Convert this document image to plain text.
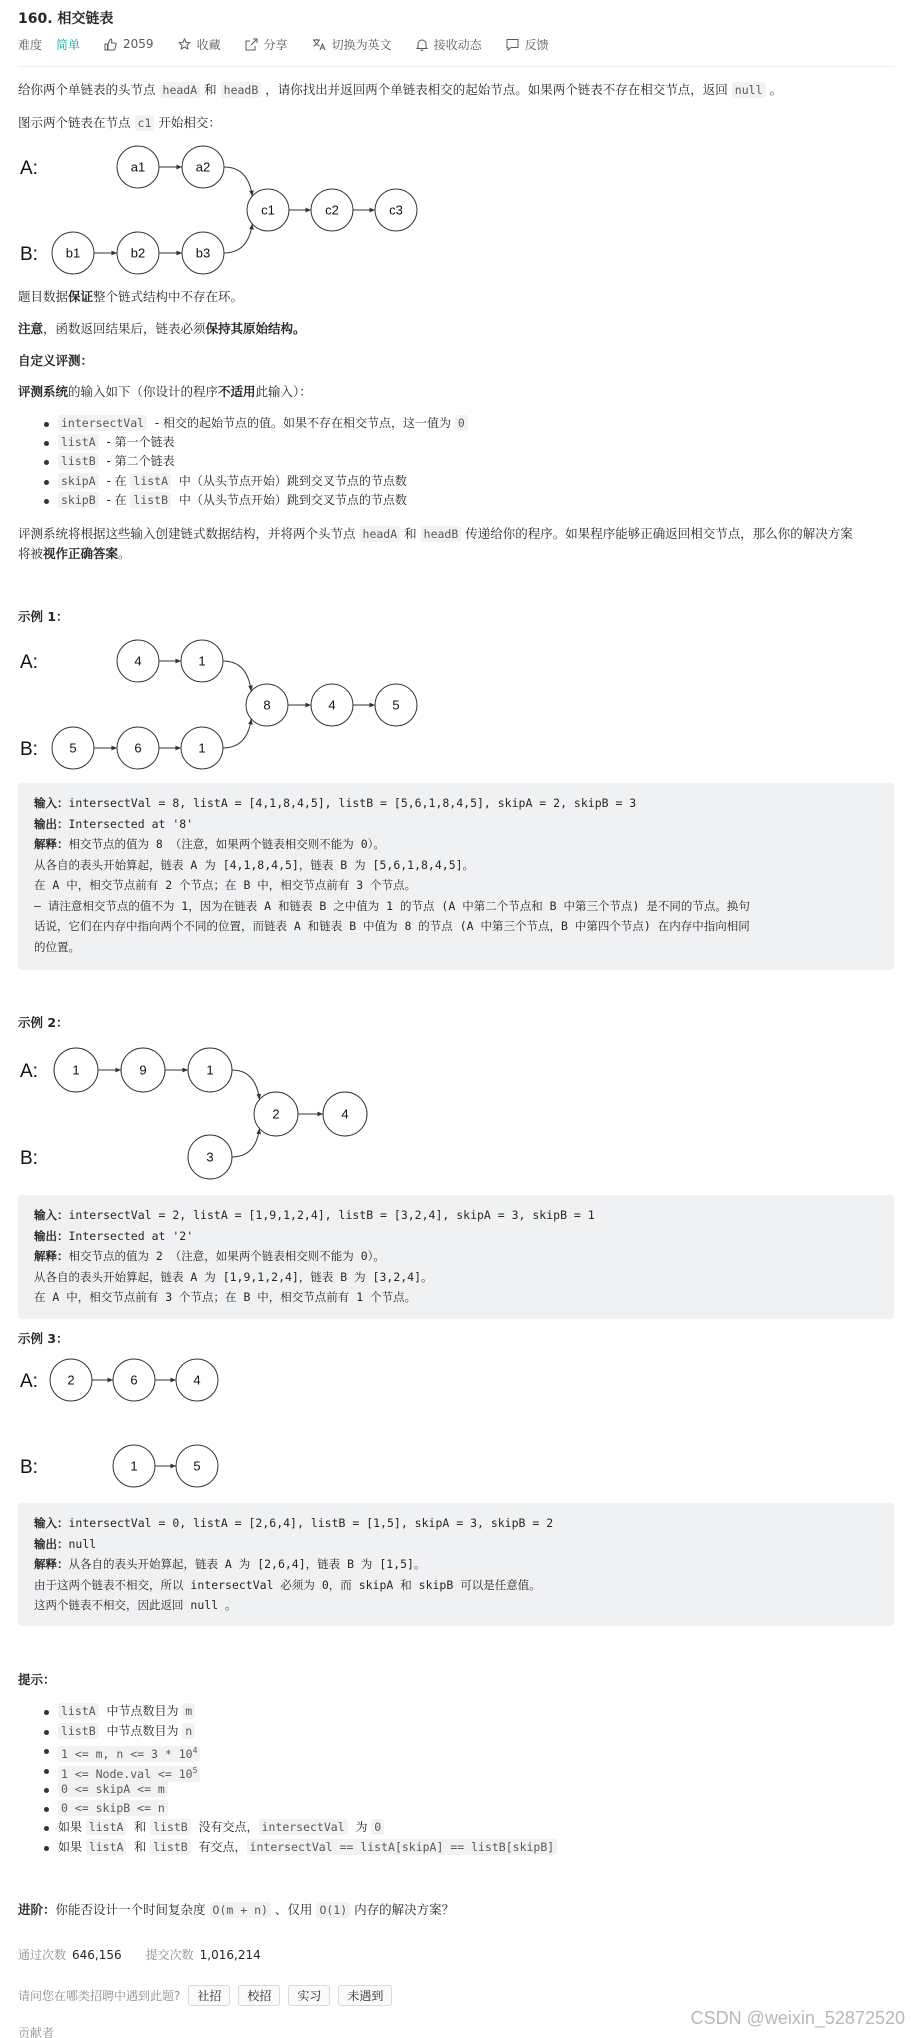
160. 相交链表
难度 简单	2059	收藏	分享	切换为英文	接收动态	反馈
给你两个单链表的头节点 headA 和 headB ，请你找出并返回两个单链表相交的起始节点。如果两个链表不存在相交节点，返回 null 。
图示两个链表在节点 c1 开始相交：
A:
B:
a1	a2
b1	b2	b3
c1	c2	c3
题目数据保证整个链式结构中不存在环。
注意，函数返回结果后，链表必须保持其原始结构。
自定义评测：
评测系统的输入如下（你设计的程序不适用此输入）：
intersectVal - 相交的起始节点的值。如果不存在相交节点，这一值为 0
listA - 第一个链表
listB - 第二个链表
skipA - 在 listA 中（从头节点开始）跳到交叉节点的节点数
skipB - 在 listB 中（从头节点开始）跳到交叉节点的节点数
评测系统将根据这些输入创建链式数据结构，并将两个头节点 headA 和 headB 传递给你的程序。如果程序能够正确返回相交节点，那么你的解决方案
将被视作正确答案。
示例 1：
A:
B:
4	1
5	6	1
8	4	5
输入：intersectVal = 8, listA = [4,1,8,4,5], listB = [5,6,1,8,4,5], skipA = 2, skipB = 3
输出：Intersected at '8'
解释：相交节点的值为 8 （注意，如果两个链表相交则不能为 0）。
从各自的表头开始算起，链表 A 为 [4,1,8,4,5]，链表 B 为 [5,6,1,8,4,5]。
在 A 中，相交节点前有 2 个节点；在 B 中，相交节点前有 3 个节点。
— 请注意相交节点的值不为 1，因为在链表 A 和链表 B 之中值为 1 的节点 (A 中第二个节点和 B 中第三个节点) 是不同的节点。换句
话说，它们在内存中指向两个不同的位置，而链表 A 和链表 B 中值为 8 的节点 (A 中第三个节点，B 中第四个节点) 在内存中指向相同
的位置。
示例 2：
A:
B:
1	9	1
3
2	4
输入：intersectVal = 2, listA = [1,9,1,2,4], listB = [3,2,4], skipA = 3, skipB = 1
输出：Intersected at '2'
解释：相交节点的值为 2 （注意，如果两个链表相交则不能为 0）。
从各自的表头开始算起，链表 A 为 [1,9,1,2,4]，链表 B 为 [3,2,4]。
在 A 中，相交节点前有 3 个节点；在 B 中，相交节点前有 1 个节点。
示例 3：
A:
B:
2	6	4
1	5
输入：intersectVal = 0, listA = [2,6,4], listB = [1,5], skipA = 3, skipB = 2
输出：null
解释：从各自的表头开始算起，链表 A 为 [2,6,4]，链表 B 为 [1,5]。
由于这两个链表不相交，所以 intersectVal 必须为 0，而 skipA 和 skipB 可以是任意值。
这两个链表不相交，因此返回 null 。
提示：
listA 中节点数目为 m
listB 中节点数目为 n
1 <= m, $n <= 3 * 10^4$
1 <= Node.val <= $10^5$
0 <= skipA <= m
0 <= skipB <= n
如果 listA 和 listB 没有交点， intersectVal 为 0
如果 listA 和 listB 有交点， intersectVal == listA[skipA] == listB[skipB]
进阶：你能否设计一个时间复杂度 O(m + n) 、仅用 O(1) 内存的解决方案？
通过次数 646,156 提交次数 1,016,214
请问您在哪类招聘中遇到此题?	社招	校招	实习	未遇到
贡献者
CSDN @weixin_52872520
